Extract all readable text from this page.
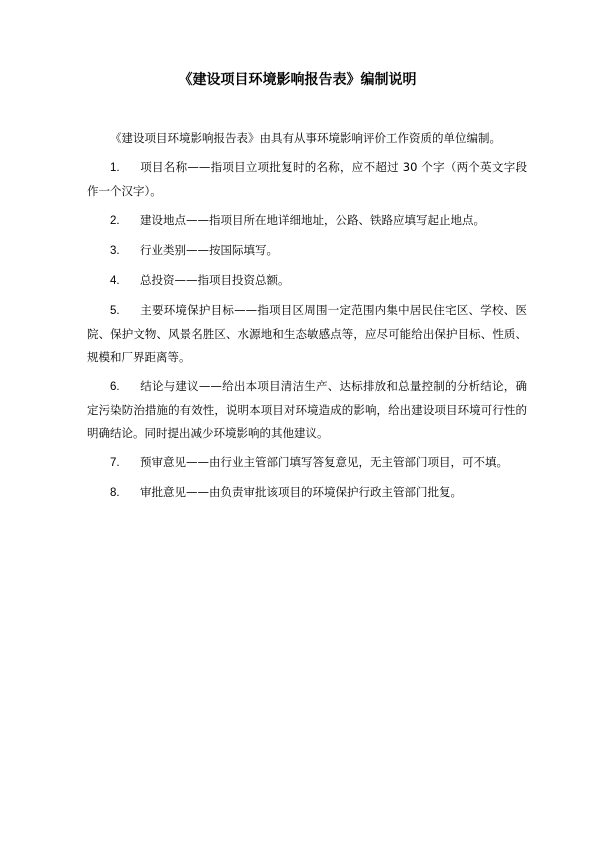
《建设项目环境影响报告表》编制说明

《建设项目环境影响报告表》由具有从事环境影响评价工作资质的单位编制。

1. 项目名称——指项目立项批复时的名称，应不超过 30 个字（两个英文字段作一个汉字）。

2. 建设地点——指项目所在地详细地址，公路、铁路应填写起止地点。

3. 行业类别——按国际填写。

4. 总投资——指项目投资总额。

5. 主要环境保护目标——指项目区周围一定范围内集中居民住宅区、学校、医院、保护文物、风景名胜区、水源地和生态敏感点等，应尽可能给出保护目标、性质、规模和厂界距离等。

6. 结论与建议——给出本项目清洁生产、达标排放和总量控制的分析结论，确定污染防治措施的有效性，说明本项目对环境造成的影响，给出建设项目环境可行性的明确结论。同时提出减少环境影响的其他建议。

7. 预审意见——由行业主管部门填写答复意见，无主管部门项目，可不填。

8. 审批意见——由负责审批该项目的环境保护行政主管部门批复。
